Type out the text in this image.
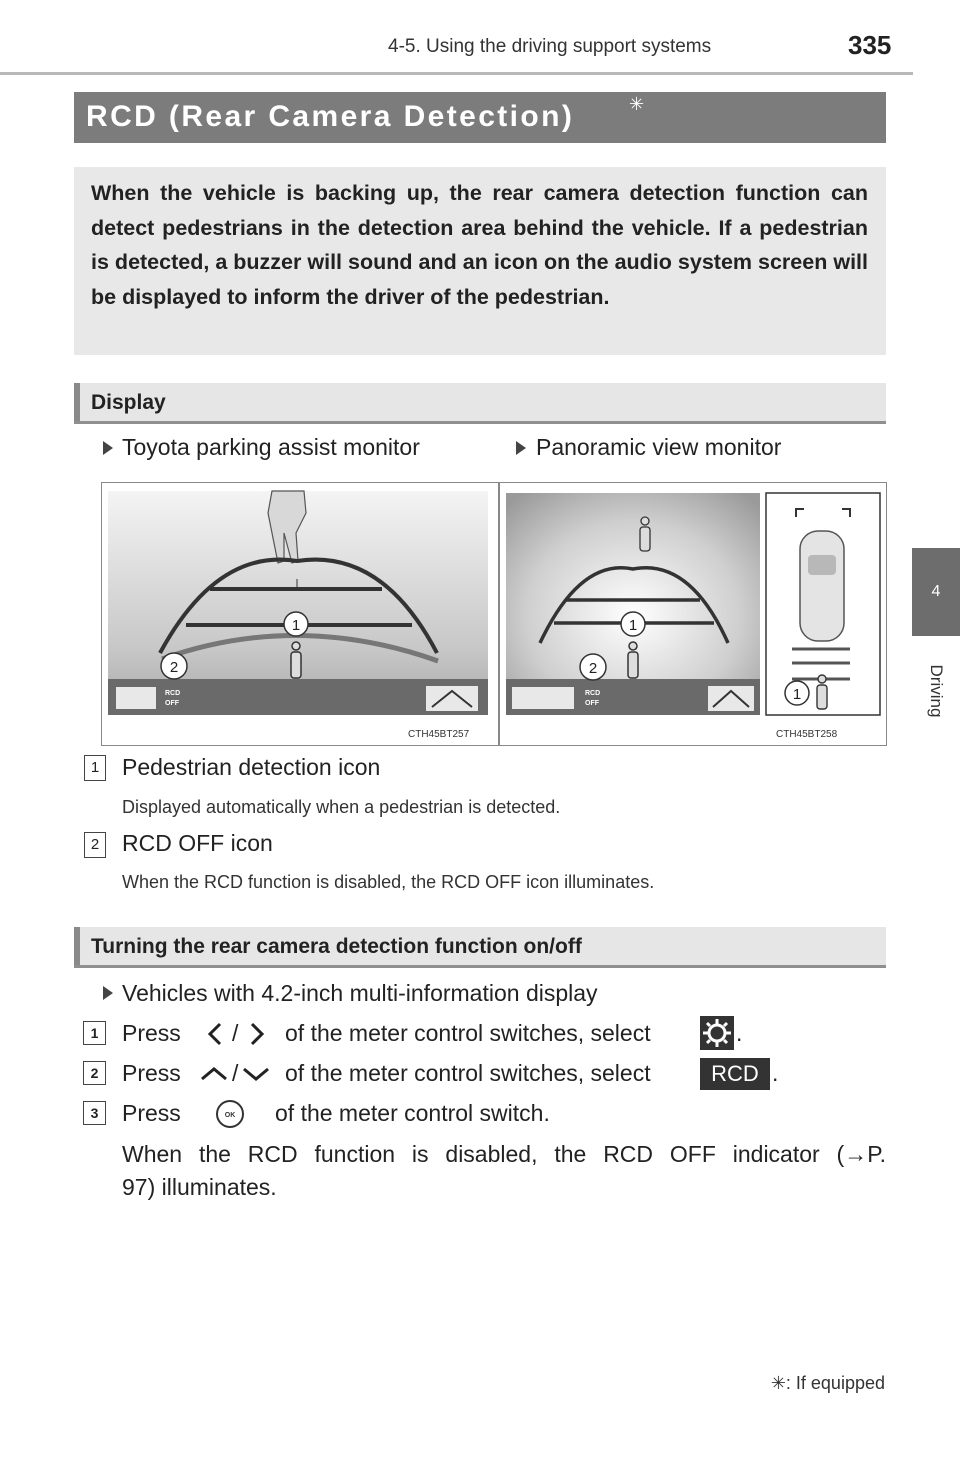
4-5. Using the driving support systems	335
4
Driving
RCD (Rear Camera Detection)	✳
When the vehicle is backing up, the rear camera detection function can detect pedestrians in the detection area behind the vehicle. If a pedestrian is detected, a buzzer will sound and an icon on the audio system screen will be displayed to inform the driver of the pedestrian.
Display
Toyota parking assist monitor	Panoramic view monitor
1
2
RCD
OFF
CTH45BT257
1
2
RCD
OFF
1
CTH45BT258
1 Pedestrian detection icon
Displayed automatically when a pedestrian is detected.
2 RCD OFF icon
When the RCD function is disabled, the RCD OFF icon illuminates.
Turning the rear camera detection function on/off
Vehicles with 4.2-inch multi-information display
1	Press / of the meter control switches, select	.
2	Press / of the meter control switches, select	RCD .
3	Press	OK of the meter control switch.
When the RCD function is disabled, the RCD OFF indicator (→P.
97) illuminates.
✳: If equipped
